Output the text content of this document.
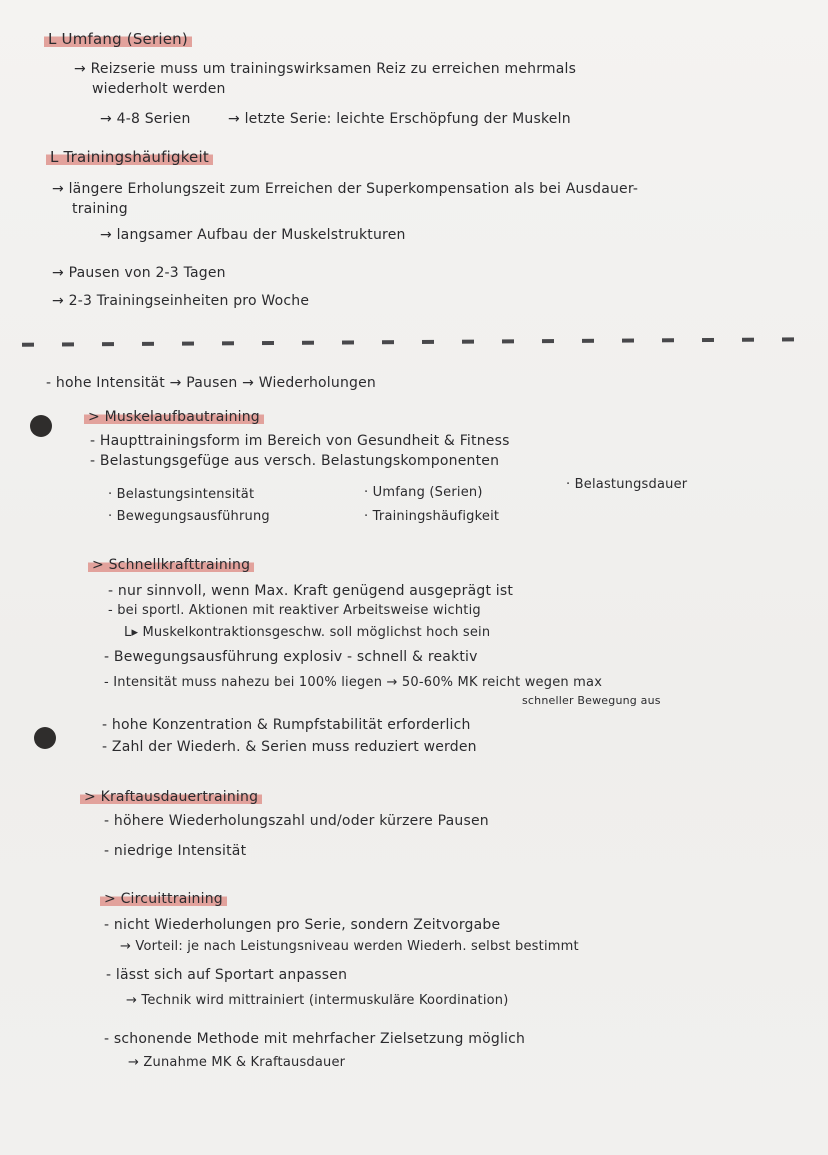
L Umfang (Serien)
→ Reizserie muss um trainingswirksamen Reiz zu erreichen mehrmals
wiederholt werden
→ 4-8 Serien	→ letzte Serie: leichte Erschöpfung der Muskeln
L Trainingshäufigkeit
→ längere Erholungszeit zum Erreichen der Superkompensation als bei Ausdauer-
training
→ langsamer Aufbau der Muskelstrukturen
→ Pausen von 2-3 Tagen
→ 2-3 Trainingseinheiten pro Woche
- hohe Intensität → Pausen → Wiederholungen
> Muskelaufbautraining
- Haupttrainingsform im Bereich von Gesundheit & Fitness
- Belastungsgefüge aus versch. Belastungskomponenten
· Belastungsintensität	· Umfang (Serien)
· Belastungsdauer
· Bewegungsausführung	· Trainingshäufigkeit
> Schnellkrafttraining
- nur sinnvoll, wenn Max. Kraft genügend ausgeprägt ist
- bei sportl. Aktionen mit reaktiver Arbeitsweise wichtig
L▸ Muskelkontraktionsgeschw. soll möglichst hoch sein
- Bewegungsausführung explosiv - schnell & reaktiv
- Intensität muss nahezu bei 100% liegen → 50-60% MK reicht wegen max
schneller Bewegung aus
- hohe Konzentration & Rumpfstabilität erforderlich
- Zahl der Wiederh. & Serien muss reduziert werden
> Kraftausdauertraining
- höhere Wiederholungszahl und/oder kürzere Pausen
- niedrige Intensität
> Circuittraining
- nicht Wiederholungen pro Serie, sondern Zeitvorgabe
→ Vorteil: je nach Leistungsniveau werden Wiederh. selbst bestimmt
- lässt sich auf Sportart anpassen
→ Technik wird mittrainiert (intermuskuläre Koordination)
- schonende Methode mit mehrfacher Zielsetzung möglich
→ Zunahme MK & Kraftausdauer
